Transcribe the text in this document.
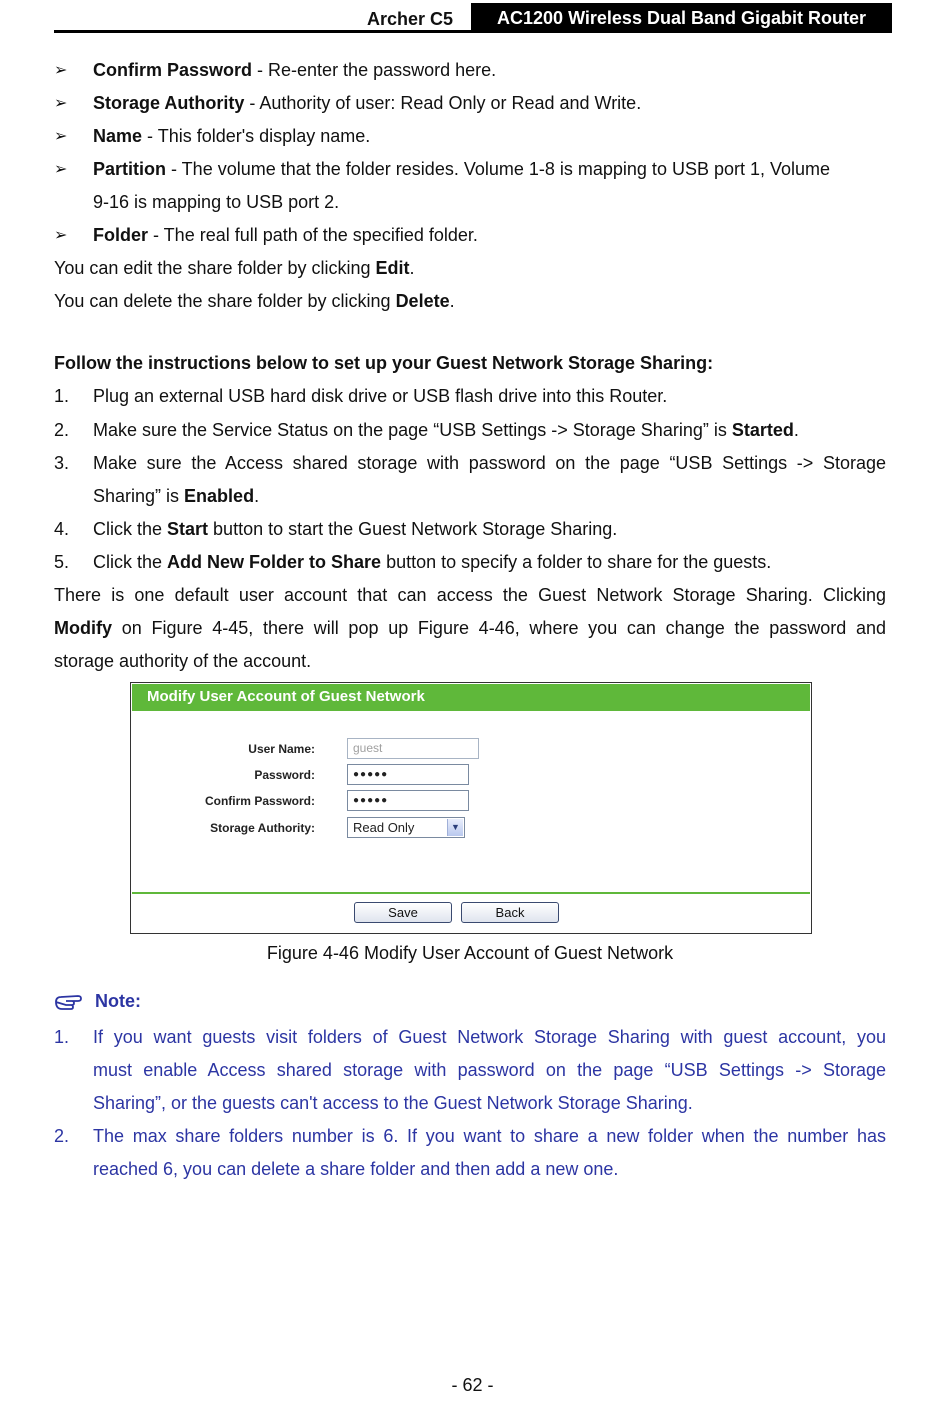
Archer C5	AC1200 Wireless Dual Band Gigabit Router
➢ Confirm Password - Re-enter the password here.
➢ Storage Authority - Authority of user: Read Only or Read and Write.
➢ Name - This folder's display name.
➢ Partition - The volume that the folder resides. Volume 1-8 is mapping to USB port 1, Volume
9-16 is mapping to USB port 2.
➢ Folder - The real full path of the specified folder.
You can edit the share folder by clicking Edit.
You can delete the share folder by clicking Delete.
Follow the instructions below to set up your Guest Network Storage Sharing:
1. Plug an external USB hard disk drive or USB flash drive into this Router.
2. Make sure the Service Status on the page “USB Settings -> Storage Sharing” is Started.
3. Make sure the Access shared storage with password on the page “USB Settings -> Storage
Sharing” is Enabled.
4. Click the Start button to start the Guest Network Storage Sharing.
5. Click the Add New Folder to Share button to specify a folder to share for the guests.
There is one default user account that can access the Guest Network Storage Sharing. Clicking
Modify on Figure 4-45, there will pop up Figure 4-46, where you can change the password and
storage authority of the account.
Modify User Account of Guest Network
User Name:	guest
Password:	●●●●●
Confirm Password:	●●●●●
Storage Authority:	Read Only	▼
Save	Back
Figure 4-46 Modify User Account of Guest Network
Note:
1. If you want guests visit folders of Guest Network Storage Sharing with guest account, you
must enable Access shared storage with password on the page “USB Settings -> Storage
Sharing”, or the guests can't access to the Guest Network Storage Sharing.
2. The max share folders number is 6. If you want to share a new folder when the number has
reached 6, you can delete a share folder and then add a new one.
- 62 -
